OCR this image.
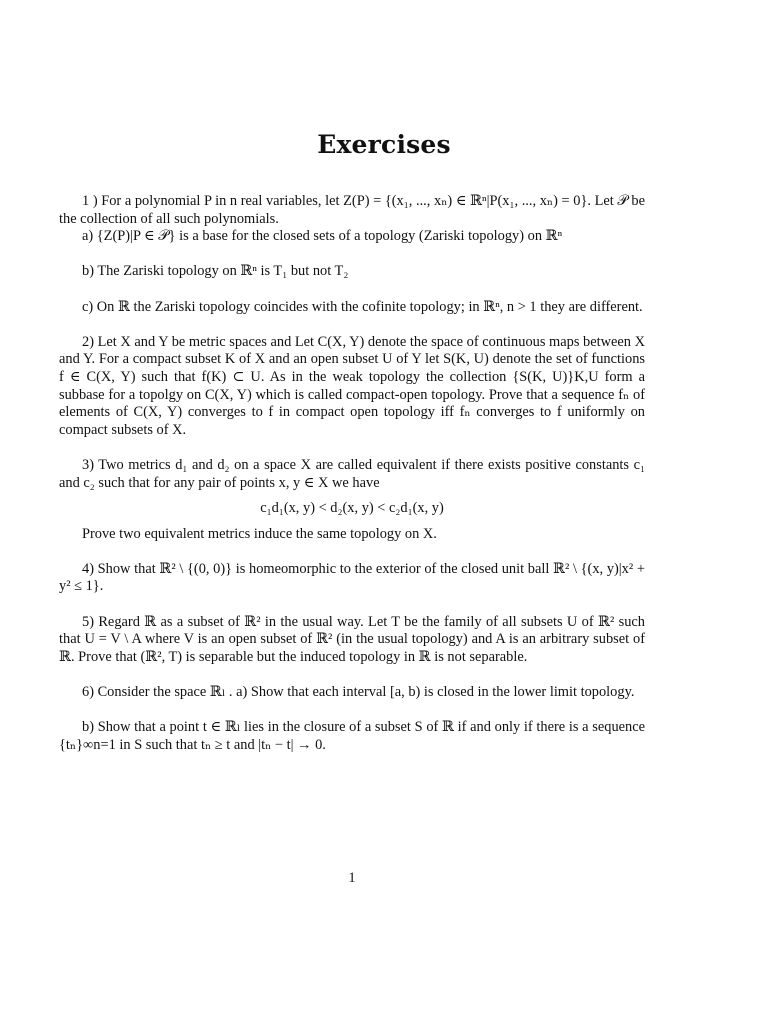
Exercises

1 ) For a polynomial P in n real variables, let Z(P) = {(x₁, ..., xₙ) ∈ ℝⁿ|P(x₁, ..., xₙ) = 0}. Let 𝒫 be the collection of all such polynomials.

a) {Z(P)|P ∈ 𝒫} is a base for the closed sets of a topology (Zariski topology) on ℝⁿ

b) The Zariski topology on ℝⁿ is T₁ but not T₂

c) On ℝ the Zariski topology coincides with the cofinite topology; in ℝⁿ, n > 1 they are different.

2) Let X and Y be metric spaces and Let C(X, Y) denote the space of continuous maps between X and Y. For a compact subset K of X and an open subset U of Y let S(K, U) denote the set of functions f ∈ C(X, Y) such that f(K) ⊂ U. As in the weak topology the collection {S(K, U)}K,U form a subbase for a topolgy on C(X, Y) which is called compact-open topology. Prove that a sequence fₙ of elements of C(X, Y) converges to f in compact open topology iff fₙ converges to f uniformly on compact subsets of X.

3) Two metrics d₁ and d₂ on a space X are called equivalent if there exists positive constants c₁ and c₂ such that for any pair of points x, y ∈ X we have

c₁d₁(x, y) < d₂(x, y) < c₂d₁(x, y)

Prove two equivalent metrics induce the same topology on X.

4) Show that ℝ² \ {(0, 0)} is homeomorphic to the exterior of the closed unit ball ℝ² \ {(x, y)|x² + y² ≤ 1}.

5) Regard ℝ as a subset of ℝ² in the usual way. Let T be the family of all subsets U of ℝ² such that U = V \ A where V is an open subset of ℝ² (in the usual topology) and A is an arbitrary subset of ℝ. Prove that (ℝ², T) is separable but the induced topology in ℝ is not separable.

6) Consider the space ℝₗ . a) Show that each interval [a, b) is closed in the lower limit topology.

b) Show that a point t ∈ ℝₗ lies in the closure of a subset S of ℝ if and only if there is a sequence {tₙ}∞n=1 in S such that tₙ ≥ t and |tₙ − t| → 0.

1
